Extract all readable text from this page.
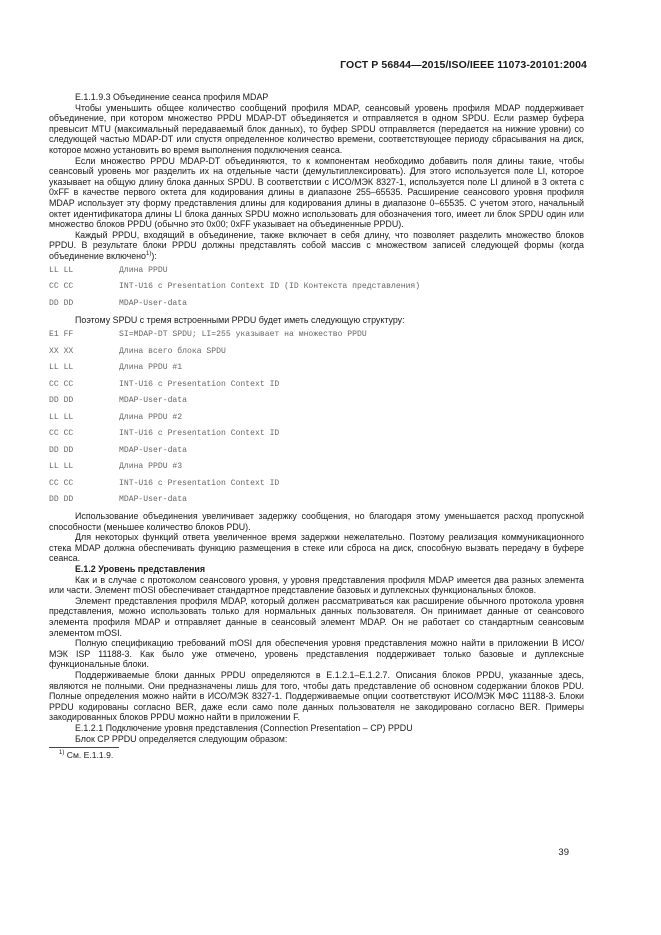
ГОСТ Р 56844—2015/ISO/IEEE 11073-20101:2004

E.1.1.9.3 Объединение сеанса профиля MDAP

Чтобы уменьшить общее количество сообщений профиля MDAP, сеансовый уровень профиля MDAP поддерживает объединение, при котором множество PPDU MDAP-DT объединяется и отправляется в одном SPDU. Если размер буфера превысит MTU (максимальный передаваемый блок данных), то буфер SPDU отправляется (передается на нижние уровни) со следующей частью MDAP-DT или спустя определенное количество времени, соответствующее периоду сбрасывания на диск, которое можно установить во время выполнения подключения сеанса.

Если множество PPDU MDAP-DT объединяются, то к компонентам необходимо добавить поля длины такие, чтобы сеансовый уровень мог разделить их на отдельные части (демультиплексировать). Для этого используется поле LI, которое указывает на общую длину блока данных SPDU. В соответствии с ИСО/МЭК 8327-1, используется поле LI длиной в 3 октета с 0xFF в качестве первого октета для кодирования длины в диапазоне 255–65535. Расширение сеансового уровня профиля MDAP использует эту форму представления длины для кодирования длины в диапазоне 0–65535. С учетом этого, начальный октет идентификатора длины LI блока данных SPDU можно использовать для обозначения того, имеет ли блок SPDU один или множество блоков PPDU (обычно это 0x00; 0xFF указывает на объединенные PPDU).

Каждый PPDU, входящий в объединение, также включает в себя длину, что позволяет разделить множество блоков PPDU. В результате блоки PPDU должны представлять собой массив с множеством записей следующей формы (когда объединение включено$^{1)}$):

LL LL	Длина PPDU
CC CC	INT-U16 с Presentation Context ID (ID Контекста представления)
DD DD	MDAP-User-data

Поэтому SPDU с тремя встроенными PPDU будет иметь следующую структуру:

E1 FF	SI=MDAP-DT SPDU; LI=255 указывает на множество PPDU
XX XX	Длина всего блока SPDU
LL LL	Длина PPDU #1
CC CC	INT-U16 с Presentation Context ID
DD DD	MDAP-User-data
LL LL	Длина PPDU #2
CC CC	INT-U16 с Presentation Context ID
DD DD	MDAP-User-data
LL LL	Длина PPDU #3
CC CC	INT-U16 с Presentation Context ID
DD DD	MDAP-User-data

Использование объединения увеличивает задержку сообщения, но благодаря этому уменьшается расход пропускной способности (меньшее количество блоков PDU).

Для некоторых функций ответа увеличенное время задержки нежелательно. Поэтому реализация коммуникационного стека MDAP должна обеспечивать функцию размещения в стеке или сброса на диск, способную вызвать передачу в буфере сеанса.

E.1.2 Уровень представления

Как и в случае с протоколом сеансового уровня, у уровня представления профиля MDAP имеется два разных элемента или части. Элемент mOSI обеспечивает стандартное представление базовых и дуплексных функциональных блоков.

Элемент представления профиля MDAP, который должен рассматриваться как расширение обычного протокола уровня представления, можно использовать только для нормальных данных пользователя. Он принимает данные от сеансового элемента профиля MDAP и отправляет данные в сеансовый элемент MDAP. Он не работает со стандартным сеансовым элементом mOSI.

Полную спецификацию требований mOSI для обеспечения уровня представления можно найти в приложении В ИСО/МЭК ISP 11188-3. Как было уже отмечено, уровень представления поддерживает только базовые и дуплексные функциональные блоки.

Поддерживаемые блоки данных PPDU определяются в E.1.2.1–E.1.2.7. Описания блоков PPDU, указанные здесь, являются не полными. Они предназначены лишь для того, чтобы дать представление об основном содержании блоков PDU. Полные определения можно найти в ИСО/МЭК 8327-1. Поддерживаемые опции соответствуют ИСО/МЭК МФС 11188-3. Блоки PPDU кодированы согласно BER, даже если само поле данных пользователя не закодировано согласно BER. Примеры закодированных блоков PPDU можно найти в приложении F.

E.1.2.1 Подключение уровня представления (Connection Presentation – CP) PPDU

Блок CP PPDU определяется следующим образом:

$^{1)}$ См. E.1.1.9.

39
